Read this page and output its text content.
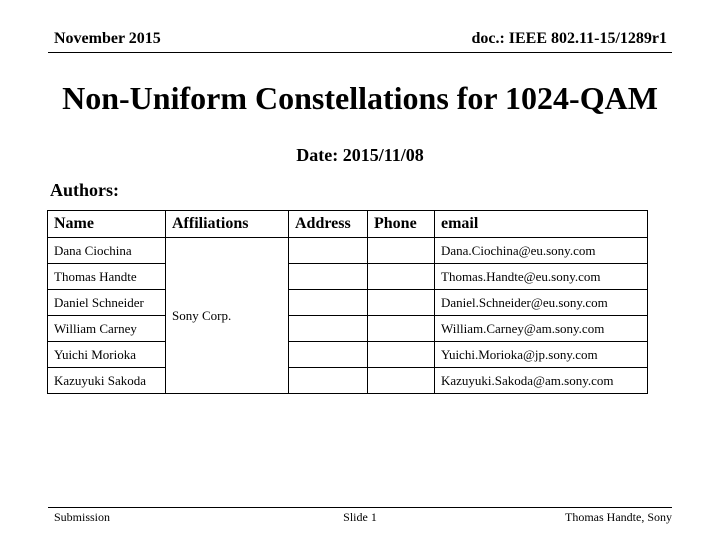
November 2015	doc.: IEEE 802.11-15/1289r1
Non-Uniform Constellations for 1024-QAM
Date: 2015/11/08
Authors:
Name	Affiliations	Address	Phone	email
Dana Ciochina	Sony Corp.			Dana.Ciochina@eu.sony.com
Thomas Handte				Thomas.Handte@eu.sony.com
Daniel Schneider				Daniel.Schneider@eu.sony.com
William Carney				William.Carney@am.sony.com
Yuichi Morioka				Yuichi.Morioka@jp.sony.com
Kazuyuki Sakoda				Kazuyuki.Sakoda@am.sony.com
Submission	Slide 1	Thomas Handte, Sony
